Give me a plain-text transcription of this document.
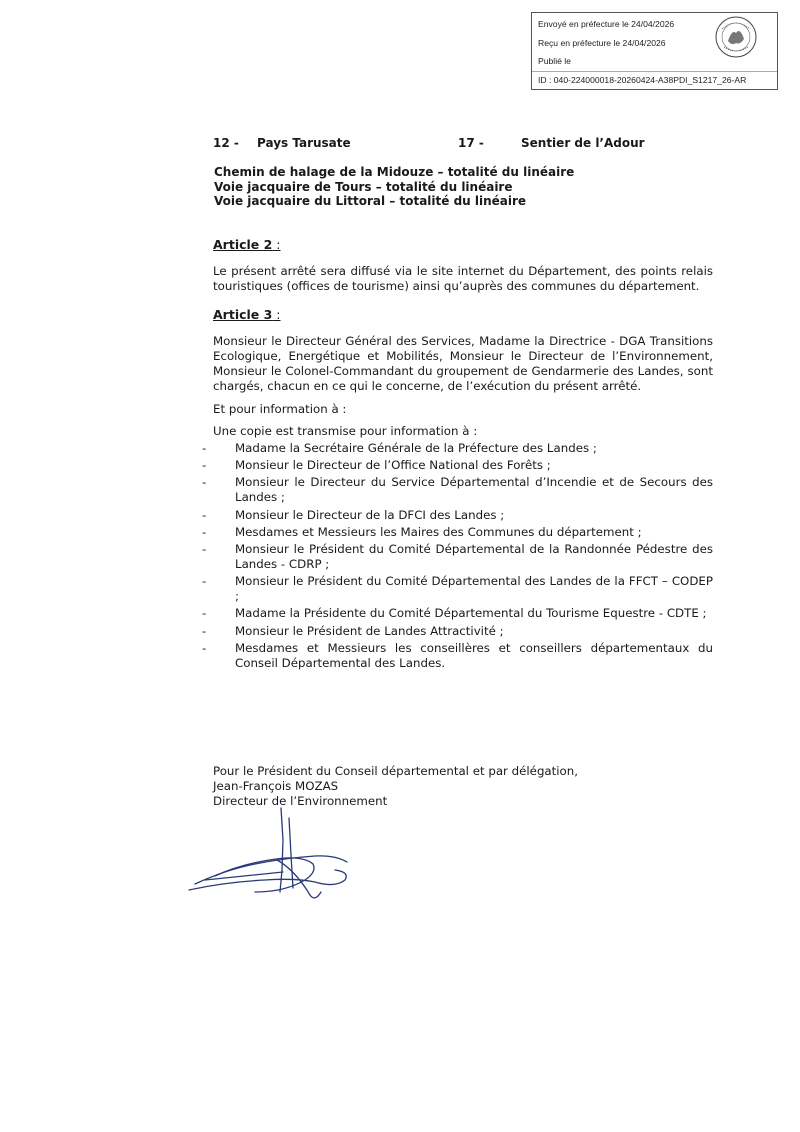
Envoyé en préfecture le 24/04/2026
Reçu en préfecture le 24/04/2026
Publié le
ID : 040-224000018-20260424-A38PDI_S1217_26-AR
12 - Pays Tarusate	17 -	Sentier de l’Adour
Chemin de halage de la Midouze – totalité du linéaire
Voie jacquaire de Tours – totalité du linéaire
Voie jacquaire du Littoral – totalité du linéaire
Article 2 :
Le présent arrêté sera diffusé via le site internet du Département, des points relais touristiques (offices de tourisme) ainsi qu’auprès des communes du département.
Article 3 :
Monsieur le Directeur Général des Services, Madame la Directrice - DGA Transitions Ecologique, Energétique et Mobilités, Monsieur le Directeur de l’Environnement, Monsieur le Colonel-Commandant du groupement de Gendarmerie des Landes, sont chargés, chacun en ce qui le concerne, de l’exécution du présent arrêté.
Et pour information à :
Une copie est transmise pour information à :
- Madame la Secrétaire Générale de la Préfecture des Landes ;
- Monsieur le Directeur de l’Office National des Forêts ;
- Monsieur le Directeur du Service Départemental d’Incendie et de Secours des Landes ;
- Monsieur le Directeur de la DFCI des Landes ;
- Mesdames et Messieurs les Maires des Communes du département ;
- Monsieur le Président du Comité Départemental de la Randonnée Pédestre des Landes - CDRP ;
- Monsieur le Président du Comité Départemental des Landes de la FFCT – CODEP ;
- Madame la Présidente du Comité Départemental du Tourisme Equestre - CDTE ;
- Monsieur le Président de Landes Attractivité ;
- Mesdames et Messieurs les conseillères et conseillers départementaux du Conseil Départemental des Landes.
Pour le Président du Conseil départemental et par délégation,
Jean-François MOZAS
Directeur de l’Environnement
